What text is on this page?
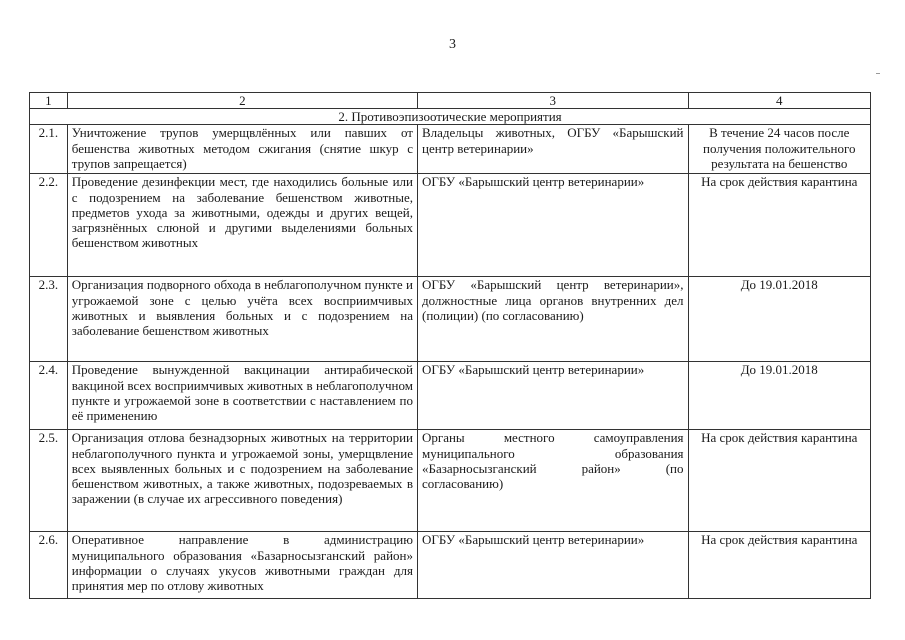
3
1	2	3	4
2. Противоэпизоотические мероприятия			
2.1.	Уничтожение трупов умерщвлённых или павших от бешенства животных методом сжигания (снятие шкур с трупов запрещается)	Владельцы животных, ОГБУ «Барышский центр ветеринарии»	В течение 24 часов после получения положительного результата на бешенство
2.2.	Проведение дезинфекции мест, где находились больные или с подозрением на заболевание бешенством животные, предметов ухода за животными, одежды и других вещей, загрязнённых слюной и другими выделениями больных бешенством животных	ОГБУ «Барышский центр ветеринарии»	На срок действия карантина
2.3.	Организация подворного обхода в неблагополучном пункте и угрожаемой зоне с целью учёта всех восприимчивых животных и выявления больных и с подозрением на заболевание бешенством животных	ОГБУ «Барышский центр ветеринарии», должностные лица органов внутренних дел (полиции) (по согласованию)	До 19.01.2018
2.4.	Проведение вынужденной вакцинации антирабической вакциной всех восприимчивых животных в неблагополучном пункте и угрожаемой зоне в соответствии с наставлением по её применению	ОГБУ «Барышский центр ветеринарии»	До 19.01.2018
2.5.	Организация отлова безнадзорных животных на территории неблагополучного пункта и угрожаемой зоны, умерщвление всех выявленных больных и с подозрением на заболевание бешенством животных, а также животных, подозреваемых в заражении (в случае их агрессивного поведения)	Органы местного самоуправления муниципального образования «Базарносызганский район» (по согласованию)	На срок действия карантина
2.6.	Оперативное направление в администрацию муниципального образования «Базарносызганский район» информации о случаях укусов животными граждан для принятия мер по отлову животных	ОГБУ «Барышский центр ветеринарии»	На срок действия карантина
